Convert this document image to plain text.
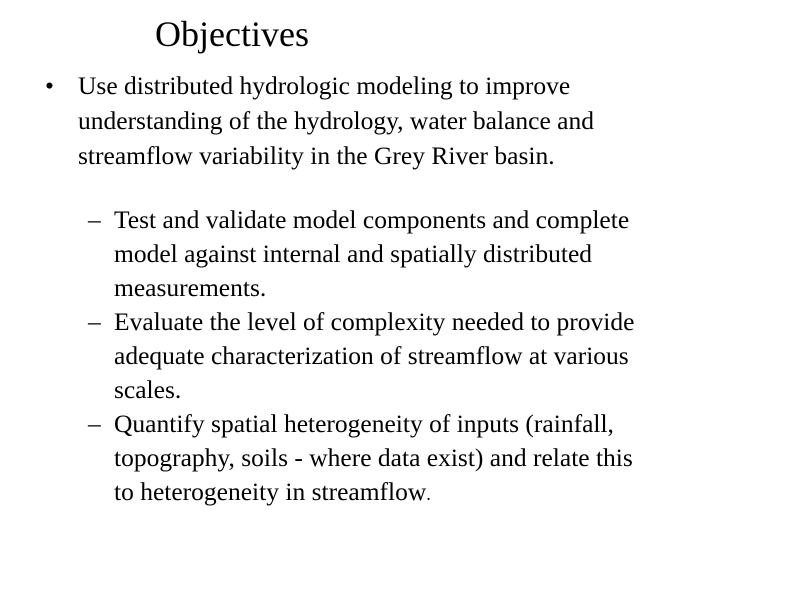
Objectives
• Use distributed hydrologic modeling to improve
understanding of the hydrology, water balance and
streamflow variability in the Grey River basin.
– Test and validate model components and complete
model against internal and spatially distributed
measurements.
– Evaluate the level of complexity needed to provide
adequate characterization of streamflow at various
scales.
– Quantify spatial heterogeneity of inputs (rainfall,
topography, soils - where data exist) and relate this
to heterogeneity in streamflow.
